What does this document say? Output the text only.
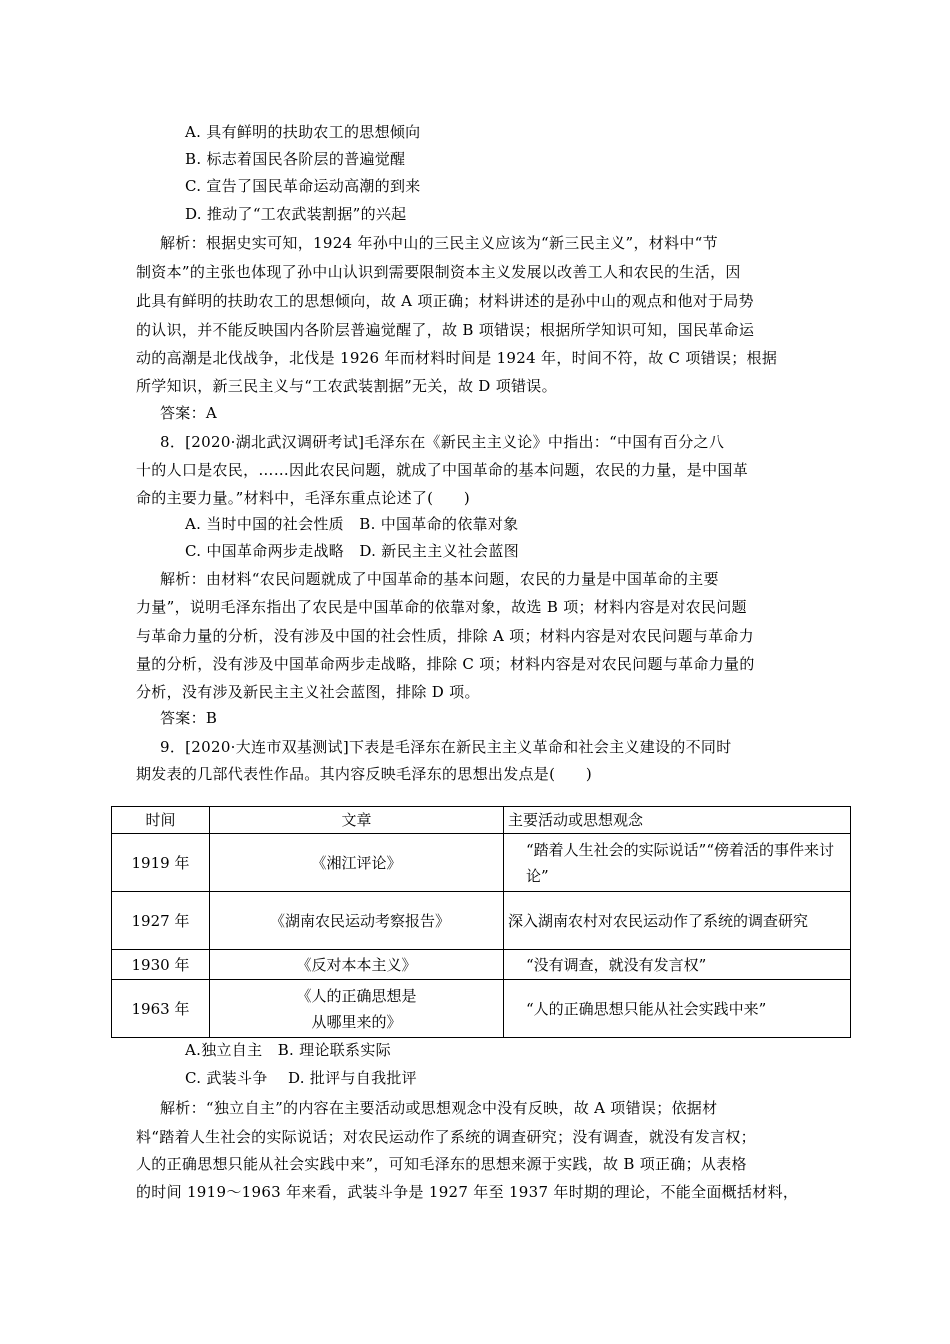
A. 具有鲜明的扶助农工的思想倾向
B. 标志着国民各阶层的普遍觉醒
C. 宣告了国民革命运动高潮的到来
D. 推动了“工农武装割据”的兴起
解析：根据史实可知，1924 年孙中山的三民主义应该为“新三民主义”，材料中“节
制资本”的主张也体现了孙中山认识到需要限制资本主义发展以改善工人和农民的生活，因
此具有鲜明的扶助农工的思想倾向，故 A 项正确；材料讲述的是孙中山的观点和他对于局势
的认识，并不能反映国内各阶层普遍觉醒了，故 B 项错误；根据所学知识可知，国民革命运
动的高潮是北伐战争，北伐是 1926 年而材料时间是 1924 年，时间不符，故 C 项错误；根据
所学知识，新三民主义与“工农武装割据”无关，故 D 项错误。
答案：A
8．[2020·湖北武汉调研考试]毛泽东在《新民主主义论》中指出：“中国有百分之八
十的人口是农民，……因此农民问题，就成了中国革命的基本问题，农民的力量，是中国革
命的主要力量。”材料中，毛泽东重点论述了(　　)
A. 当时中国的社会性质　B. 中国革命的依靠对象
C. 中国革命两步走战略　D. 新民主主义社会蓝图
解析：由材料“农民问题就成了中国革命的基本问题，农民的力量是中国革命的主要
力量”，说明毛泽东指出了农民是中国革命的依靠对象，故选 B 项；材料内容是对农民问题
与革命力量的分析，没有涉及中国的社会性质，排除 A 项；材料内容是对农民问题与革命力
量的分析，没有涉及中国革命两步走战略，排除 C 项；材料内容是对农民问题与革命力量的
分析，没有涉及新民主主义社会蓝图，排除 D 项。
答案：B
9．[2020·大连市双基测试]下表是毛泽东在新民主主义革命和社会主义建设的不同时
期发表的几部代表性作品。其内容反映毛泽东的思想出发点是(　　)
时间	文章	主要活动或思想观念
1919 年	《湘江评论》	“踏着人生社会的实际说话”“傍着活的事件来讨论”
1927 年	《湖南农民运动考察报告》	深入湖南农村对农民运动作了系统的调查研究
1930 年	《反对本本主义》	“没有调查，就没有发言权”
1963 年	《人的正确思想是从哪里来的》	“人的正确思想只能从社会实践中来”
A.独立自主　B. 理论联系实际
C. 武装斗争　 D. 批评与自我批评
解析：“独立自主”的内容在主要活动或思想观念中没有反映，故 A 项错误；依据材
料“踏着人生社会的实际说话；对农民运动作了系统的调查研究；没有调查，就没有发言权；
人的正确思想只能从社会实践中来”，可知毛泽东的思想来源于实践，故 B 项正确；从表格
的时间 1919～1963 年来看，武装斗争是 1927 年至 1937 年时期的理论，不能全面概括材料，
